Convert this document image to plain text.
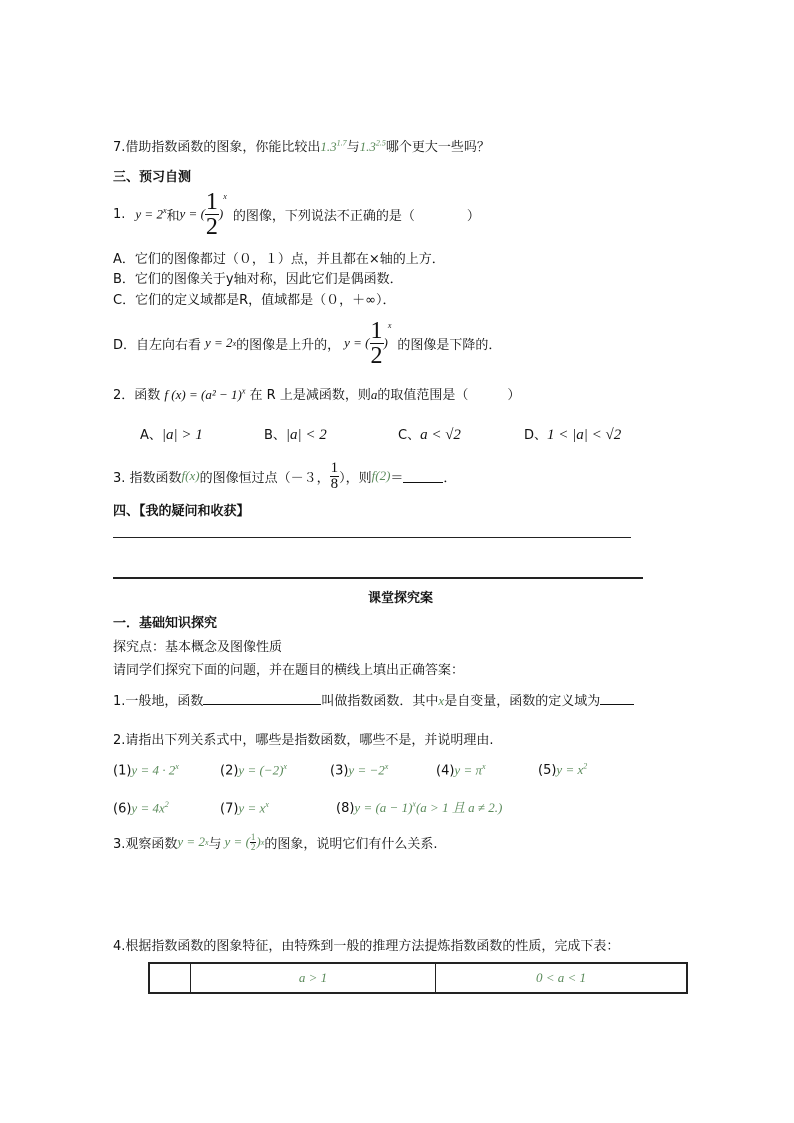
7.借助指数函数的图象，你能比较出$1.3^{1.7}$与$1.3^{2.5}$哪个更大一些吗？
三、预习自测
1. $y = 2^x$ 和 y = ( $\frac{1}{2}$ )
x
的图像，下列说法不正确的是（　　　　）
A．它们的图像都过（０，１）点，并且都在×轴的上方．
B．它们的图像关于y轴对称，因此它们是偶函数．
C．它们的定义域都是R，值域都是（０，＋∞）．
D．自左向右看 y = 2 x 的图像是上升的， y = ( $\frac{1}{2}$ )
x
的图像是下降的．
2．函数 f $(x) = (a^2 - 1)^x$ 在 R 上是减函数，则a的取值范围是（　　　）
A、|a| > 1	B、|a| < 2	C、a < √2	D、1 < |a| < √2
3. 指数函数 f(x) 的图像恒过点（－３， $\frac{1}{8}$ ），则 f(2) ＝	．
四、【我的疑问和收获】
课堂探究案
一．基础知识探究
探究点：基本概念及图像性质
请同学们探究下面的问题，并在题目的横线上填出正确答案：
1.一般地，函数	叫做指数函数．其中x是自变量，函数的定义域为
2.请指出下列关系式中，哪些是指数函数，哪些不是，并说明理由.
$(1)y = 4 \cdot 2^x$	$(2)y = (-2)^x$	$(3)y = -2^x$	$(4)y = \pi^x$	$(5)y = x^2$
$(6)y = 4x^2$	$(7)y = x^x$	$(8)y = (a - 1)^x(a > 1$ 且 a ≠ 2.)
3.观察函数 y = 2 x 与 y = ( $\frac{1}{2}$ ) x 的图象，说明它们有什么关系.
4.根据指数函数的图象特征，由特殊到一般的推理方法提炼指数函数的性质，完成下表：
	a > 1	0 < a < 1
